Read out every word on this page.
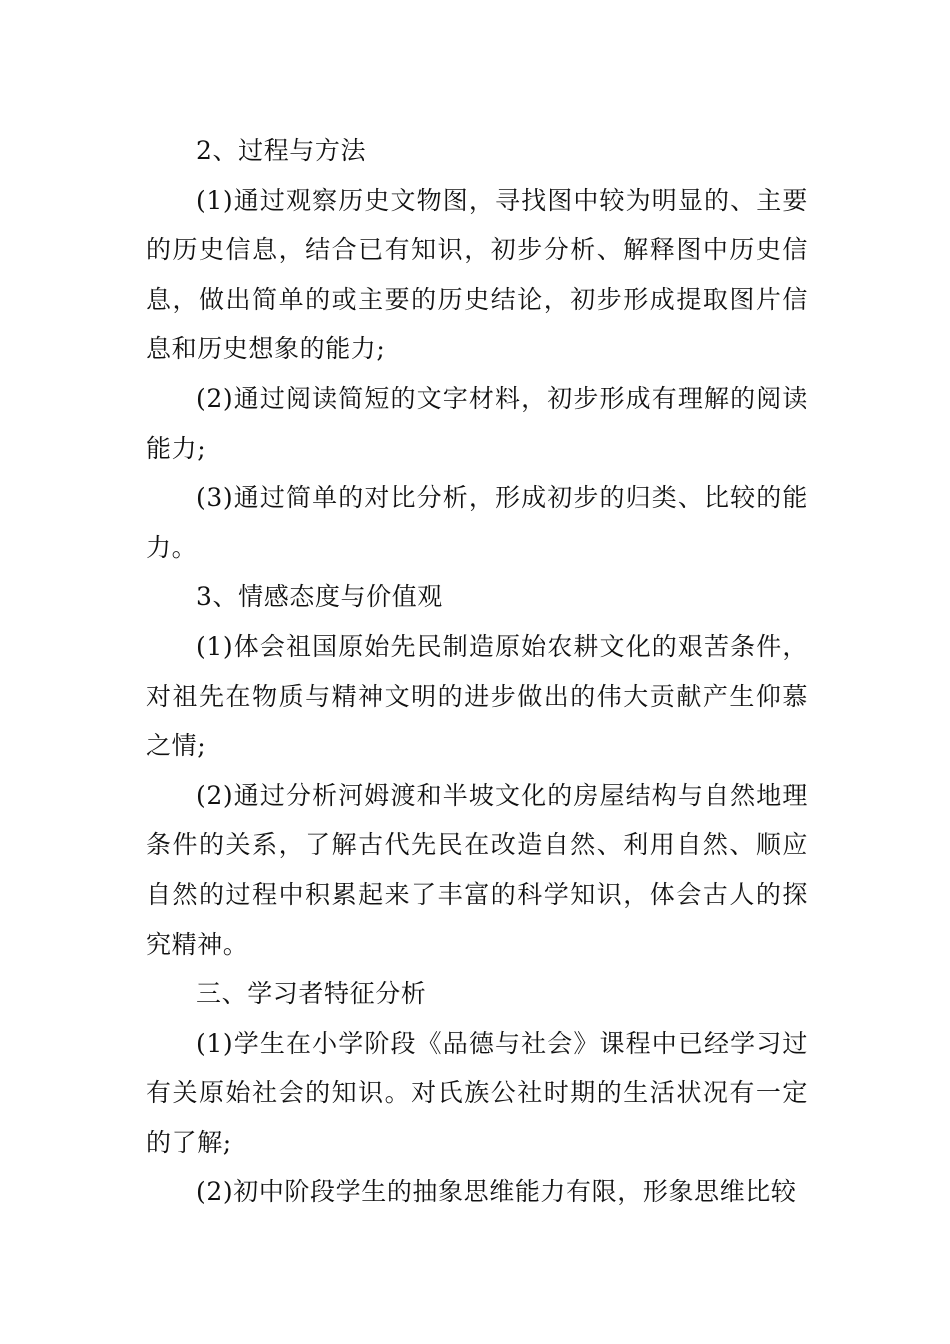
2、过程与方法

(1)通过观察历史文物图，寻找图中较为明显的、主要的历史信息，结合已有知识，初步分析、解释图中历史信息，做出简单的或主要的历史结论，初步形成提取图片信息和历史想象的能力;

(2)通过阅读简短的文字材料，初步形成有理解的阅读能力;

(3)通过简单的对比分析，形成初步的归类、比较的能力。

3、情感态度与价值观

(1)体会祖国原始先民制造原始农耕文化的艰苦条件，对祖先在物质与精神文明的进步做出的伟大贡献产生仰慕之情;

(2)通过分析河姆渡和半坡文化的房屋结构与自然地理条件的关系，了解古代先民在改造自然、利用自然、顺应自然的过程中积累起来了丰富的科学知识，体会古人的探究精神。

三、学习者特征分析

(1)学生在小学阶段《品德与社会》课程中已经学习过有关原始社会的知识。对氏族公社时期的生活状况有一定的了解;

(2)初中阶段学生的抽象思维能力有限，形象思维比较
